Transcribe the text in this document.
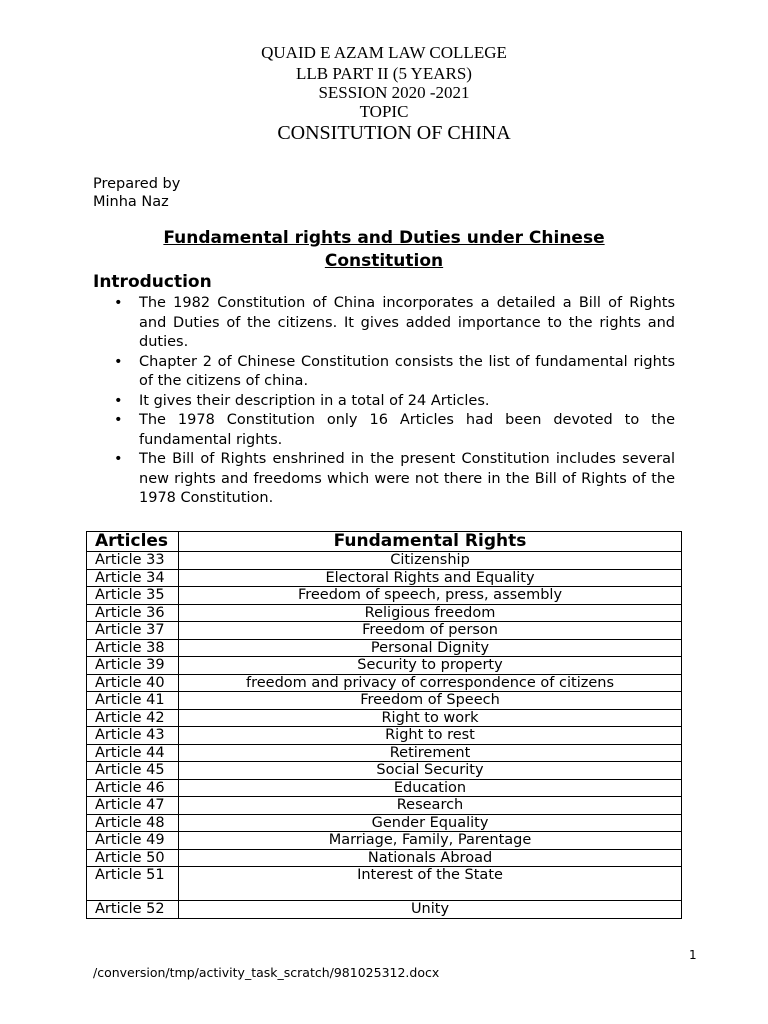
QUAID E AZAM LAW COLLEGE
LLB PART II (5 YEARS)
SESSION 2020 -2021
TOPIC
CONSITUTION OF CHINA
Prepared by
Minha Naz
Fundamental rights and Duties under Chinese Constitution
Introduction
• The 1982 Constitution of China incorporates a detailed a Bill of Rights and Duties of the citizens. It gives added importance to the rights and duties.
• Chapter 2 of Chinese Constitution consists the list of fundamental rights of the citizens of china.
• It gives their description in a total of 24 Articles.
• The 1978 Constitution only 16 Articles had been devoted to the fundamental rights.
• The Bill of Rights enshrined in the present Constitution includes several new rights and freedoms which were not there in the Bill of Rights of the 1978 Constitution.
Articles	Fundamental Rights
Article 33	Citizenship
Article 34	Electoral Rights and Equality
Article 35	Freedom of speech, press, assembly
Article 36	Religious freedom
Article 37	Freedom of person
Article 38	Personal Dignity
Article 39	Security to property
Article 40	freedom and privacy of correspondence of citizens
Article 41	Freedom of Speech
Article 42	Right to work
Article 43	Right to rest
Article 44	Retirement
Article 45	Social Security
Article 46	Education
Article 47	Research
Article 48	Gender Equality
Article 49	Marriage, Family, Parentage
Article 50	Nationals Abroad
Article 51	Interest of the State
Article 52	Unity
1
/conversion/tmp/activity_task_scratch/981025312.docx
